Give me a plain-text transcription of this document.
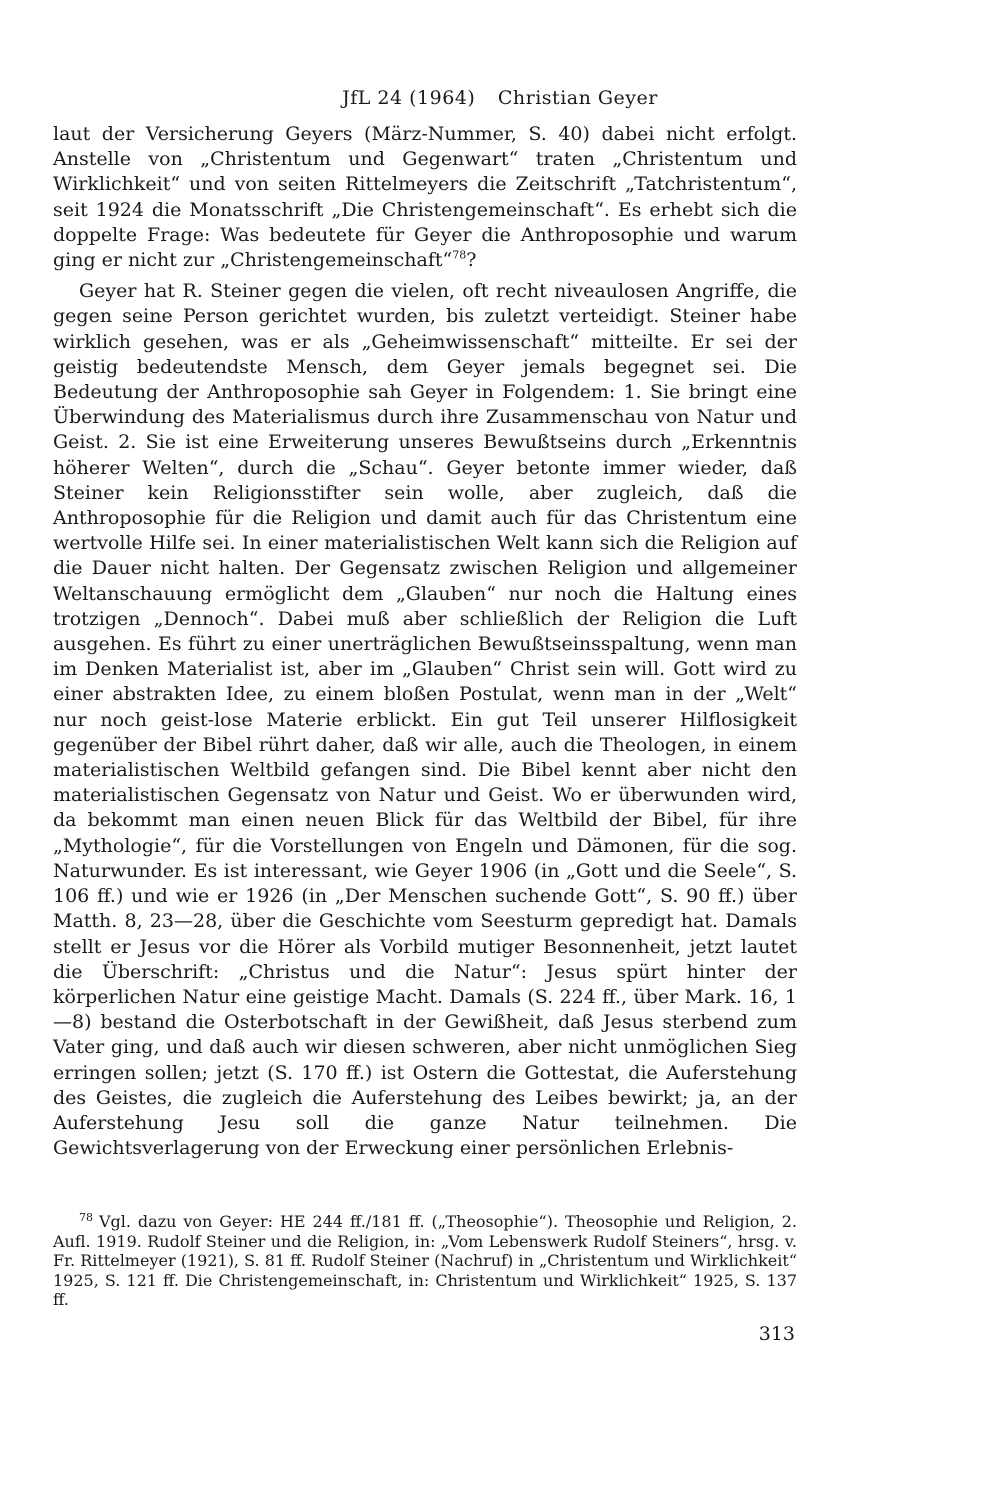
JfL 24 (1964) Christian Geyer

laut der Versicherung Geyers (März-Nummer, S. 40) dabei nicht erfolgt. Anstelle von „Christentum und Gegenwart“ traten „Christentum und Wirklichkeit“ und von seiten Rittelmeyers die Zeitschrift „Tatchristentum“, seit 1924 die Monatsschrift „Die Christengemeinschaft“. Es erhebt sich die doppelte Frage: Was bedeutete für Geyer die Anthroposophie und warum ging er nicht zur „Christengemeinschaft“$^{78}$?

Geyer hat R. Steiner gegen die vielen, oft recht niveaulosen Angriffe, die gegen seine Person gerichtet wurden, bis zuletzt verteidigt. Steiner habe wirklich gesehen, was er als „Geheimwissenschaft“ mitteilte. Er sei der geistig bedeutendste Mensch, dem Geyer jemals begegnet sei. Die Bedeutung der Anthroposophie sah Geyer in Folgendem: 1. Sie bringt eine Überwindung des Materialismus durch ihre Zusammenschau von Natur und Geist. 2. Sie ist eine Erweiterung unseres Bewußtseins durch „Erkenntnis höherer Welten“, durch die „Schau“. Geyer betonte immer wieder, daß Steiner kein Religionsstifter sein wolle, aber zugleich, daß die Anthroposophie für die Religion und damit auch für das Christentum eine wertvolle Hilfe sei. In einer materialistischen Welt kann sich die Religion auf die Dauer nicht halten. Der Gegensatz zwischen Religion und allgemeiner Weltanschauung ermöglicht dem „Glauben“ nur noch die Haltung eines trotzigen „Dennoch“. Dabei muß aber schließlich der Religion die Luft ausgehen. Es führt zu einer unerträglichen Bewußtseinsspaltung, wenn man im Denken Materialist ist, aber im „Glauben“ Christ sein will. Gott wird zu einer abstrakten Idee, zu einem bloßen Postulat, wenn man in der „Welt“ nur noch geist-lose Materie erblickt. Ein gut Teil unserer Hilflosigkeit gegenüber der Bibel rührt daher, daß wir alle, auch die Theologen, in einem materialistischen Weltbild gefangen sind. Die Bibel kennt aber nicht den materialistischen Gegensatz von Natur und Geist. Wo er überwunden wird, da bekommt man einen neuen Blick für das Weltbild der Bibel, für ihre „Mythologie“, für die Vorstellungen von Engeln und Dämonen, für die sog. Naturwunder. Es ist interessant, wie Geyer 1906 (in „Gott und die Seele“, S. 106 ff.) und wie er 1926 (in „Der Menschen suchende Gott“, S. 90 ff.) über Matth. 8, 23—28, über die Geschichte vom Seesturm gepredigt hat. Damals stellt er Jesus vor die Hörer als Vorbild mutiger Besonnenheit, jetzt lautet die Überschrift: „Christus und die Natur“: Jesus spürt hinter der körperlichen Natur eine geistige Macht. Damals (S. 224 ff., über Mark. 16, 1—8) bestand die Osterbotschaft in der Gewißheit, daß Jesus sterbend zum Vater ging, und daß auch wir diesen schweren, aber nicht unmöglichen Sieg erringen sollen; jetzt (S. 170 ff.) ist Ostern die Gottestat, die Auferstehung des Geistes, die zugleich die Auferstehung des Leibes bewirkt; ja, an der Auferstehung Jesu soll die ganze Natur teilnehmen. Die Gewichtsverlagerung von der Erweckung einer persönlichen Erlebnis-

$^{78}$ Vgl. dazu von Geyer: HE 244 ff./181 ff. („Theosophie“). Theosophie und Religion, 2. Aufl. 1919. Rudolf Steiner und die Religion, in: „Vom Lebenswerk Rudolf Steiners“, hrsg. v. Fr. Rittelmeyer (1921), S. 81 ff. Rudolf Steiner (Nachruf) in „Christentum und Wirklichkeit“ 1925, S. 121 ff. Die Christengemeinschaft, in: Christentum und Wirklichkeit“ 1925, S. 137 ff.

313
